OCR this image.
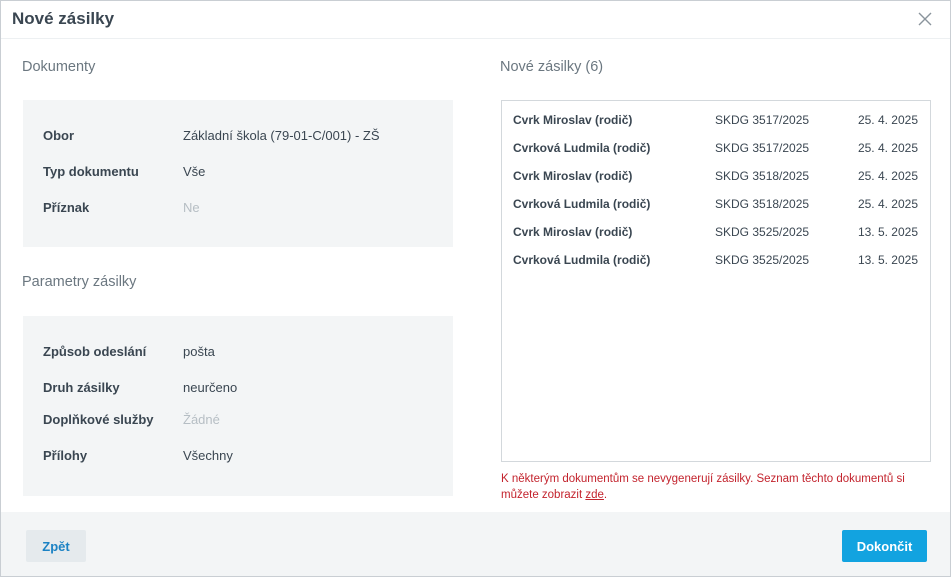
Nové zásilky
Dokumenty
Obor	Základní škola (79-01-C/001) - ZŠ
Typ dokumentu	Vše
Příznak	Ne
Parametry zásilky
Způsob odeslání	pošta
Druh zásilky	neurčeno
Doplňkové služby Žádné
Přílohy	Všechny
Nové zásilky (6)
Cvrk Miroslav (rodič)	SKDG 3517/2025	25. 4. 2025
Cvrková Ludmila (rodič)	SKDG 3517/2025	25. 4. 2025
Cvrk Miroslav (rodič)	SKDG 3518/2025	25. 4. 2025
Cvrková Ludmila (rodič)	SKDG 3518/2025	25. 4. 2025
Cvrk Miroslav (rodič)	SKDG 3525/2025	13. 5. 2025
Cvrková Ludmila (rodič)	SKDG 3525/2025	13. 5. 2025
K některým dokumentům se nevygenerují zásilky. Seznam těchto dokumentů si můžete zobrazit zde.
Zpět	Dokončit
